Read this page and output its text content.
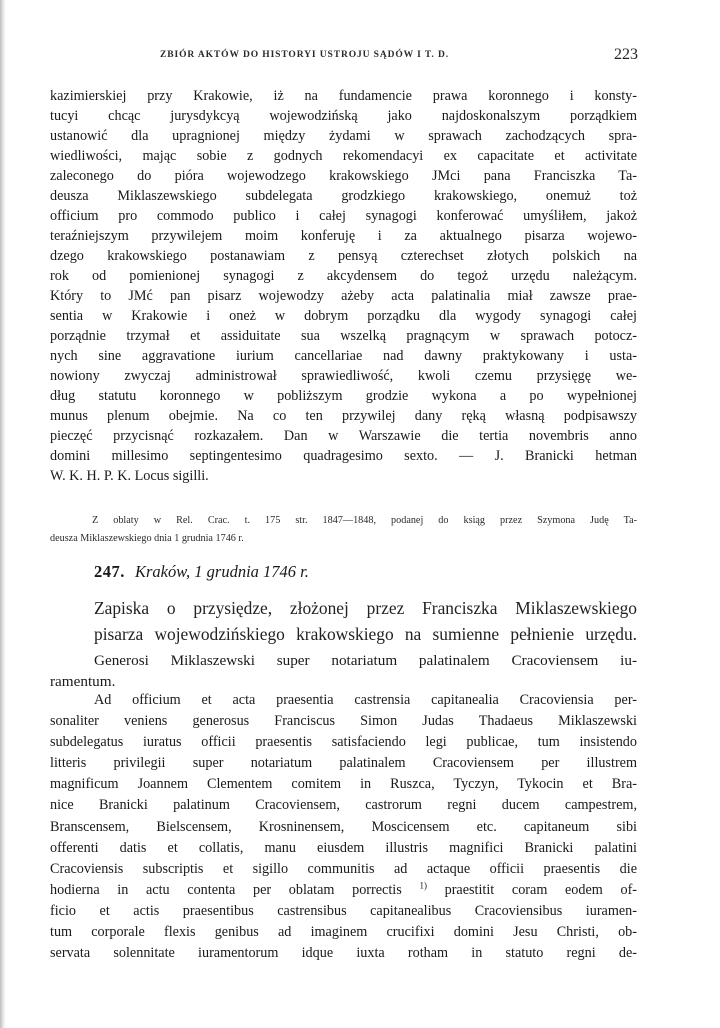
ZBIÓR AKTÓW DO HISTORYI USTROJU SĄDÓW I T. D.	223
kazimierskiej przy Krakowie, iż na fundamencie prawa koronnego i konsty-
tucyi chcąc jurysdykcyą wojewodzińską jako najdoskonalszym porządkiem
ustanowić dla upragnionej między żydami w sprawach zachodzących spra-
wiedliwości, mając sobie z godnych rekomendacyi ex capacitate et activitate
zaleconego do pióra wojewodzego krakowskiego JMci pana Franciszka Ta-
deusza Miklaszewskiego subdelegata grodzkiego krakowskiego, onemuż toż
officium pro commodo publico i całej synagogi konferować umyśliłem, jakoż
teraźniejszym przywilejem moim konferuję i za aktualnego pisarza wojewo-
dzego krakowskiego postanawiam z pensyą czterechset złotych polskich na
rok od pomienionej synagogi z akcydensem do tegoż urzędu należącym.
Który to JMć pan pisarz wojewodzy ażeby acta palatinalia miał zawsze prae-
sentia w Krakowie i oneż w dobrym porządku dla wygody synagogi całej
porządnie trzymał et assiduitate sua wszelką pragnącym w sprawach potocz-
nych sine aggravatione iurium cancellariae nad dawny praktykowany i usta-
nowiony zwyczaj administrował sprawiedliwość, kwoli czemu przysięgę we-
dług statutu koronnego w pobliższym grodzie wykona a po wypełnionej
munus plenum obejmie. Na co ten przywilej dany ręką własną podpisawszy
pieczęć przycisnąć rozkazałem. Dan w Warszawie die tertia novembris anno
domini millesimo septingentesimo quadragesimo sexto. — J. Branicki hetman
W. K. H. P. K. Locus sigilli.
Z oblaty w Rel. Crac. t. 175 str. 1847—1848, podanej do ksiąg przez Szymona Judę Ta-
deusza Miklaszewskiego dnia 1 grudnia 1746 r.
247. Kraków, 1 grudnia 1746 r.
Zapiska o przysiędze, złożonej przez Franciszka Miklaszewskiego
pisarza wojewodzińskiego krakowskiego na sumienne pełnienie urzędu.
Generosi Miklaszewski super notariatum palatinalem Cracoviensem iu-
ramentum.
Ad officium et acta praesentia castrensia capitanealia Cracoviensia per-
sonaliter veniens generosus Franciscus Simon Judas Thadaeus Miklaszewski
subdelegatus iuratus officii praesentis satisfaciendo legi publicae, tum insistendo
litteris privilegii super notariatum palatinalem Cracoviensem per illustrem
magnificum Joannem Clementem comitem in Ruszca, Tyczyn, Tykocin et Bra-
nice Branicki palatinum Cracoviensem, castrorum regni ducem campestrem,
Branscensem, Bielscensem, Krosninensem, Moscicensem etc. capitaneum sibi
offerenti datis et collatis, manu eiusdem illustris magnifici Branicki palatini
Cracoviensis subscriptis et sigillo communitis ad actaque officii praesentis die
hodierna in actu contenta per oblatam porrectis $^{1)}$ praestitit coram eodem of-
ficio et actis praesentibus castrensibus capitanealibus Cracoviensibus iuramen-
tum corporale flexis genibus ad imaginem crucifixi domini Jesu Christi, ob-
servata solennitate iuramentorum idque iuxta rotham in statuto regni de-
